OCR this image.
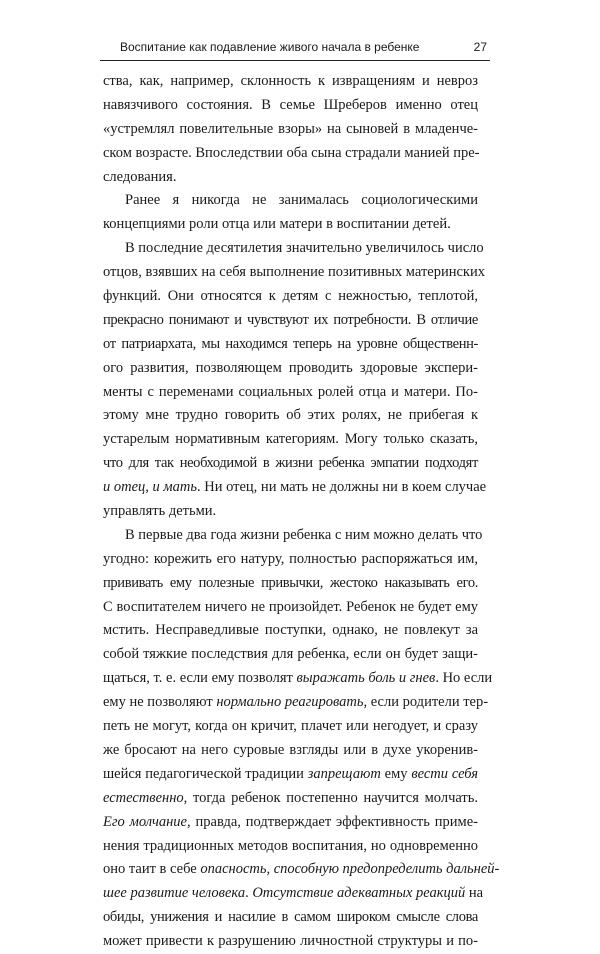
Воспитание как подавление живого начала в ребенке	27
ства, как, например, склонность к извращениям и невроз
навязчивого состояния. В семье Шреберов именно отец
«устремлял повелительные взоры» на сыновей в младенче-
ском возрасте. Впоследствии оба сына страдали манией пре-
следования.
Ранее я никогда не занималась социологическими
концепциями роли отца или матери в воспитании детей.
В последние десятилетия значительно увеличилось число
отцов, взявших на себя выполнение позитивных материнских
функций. Они относятся к детям с нежностью, теплотой,
прекрасно понимают и чувствуют их потребности. В отличие
от патриархата, мы находимся теперь на уровне общественн-
ого развития, позволяющем проводить здоровые экспери-
менты с переменами социальных ролей отца и матери. По-
этому мне трудно говорить об этих ролях, не прибегая к
устарелым нормативным категориям. Могу только сказать,
что для так необходимой в жизни ребенка эмпатии подходят
и отец, и мать. Ни отец, ни мать не должны ни в коем случае
управлять детьми.
В первые два года жизни ребенка с ним можно делать что
угодно: корежить его натуру, полностью распоряжаться им,
прививать ему полезные привычки, жестоко наказывать его.
С воспитателем ничего не произойдет. Ребенок не будет ему
мстить. Несправедливые поступки, однако, не повлекут за
собой тяжкие последствия для ребенка, если он будет защи-
щаться, т. е. если ему позволят выражать боль и гнев. Но если
ему не позволяют нормально реагировать, если родители тер-
петь не могут, когда он кричит, плачет или негодует, и сразу
же бросают на него суровые взгляды или в духе укоренив-
шейся педагогической традиции запрещают ему вести себя
естественно, тогда ребенок постепенно научится молчать.
Его молчание, правда, подтверждает эффективность приме-
нения традиционных методов воспитания, но одновременно
оно таит в себе опасность, способную предопределить дальней-
шее развитие человека. Отсутствие адекватных реакций на
обиды, унижения и насилие в самом широком смысле слова
может привести к разрушению личностной структуры и по-
